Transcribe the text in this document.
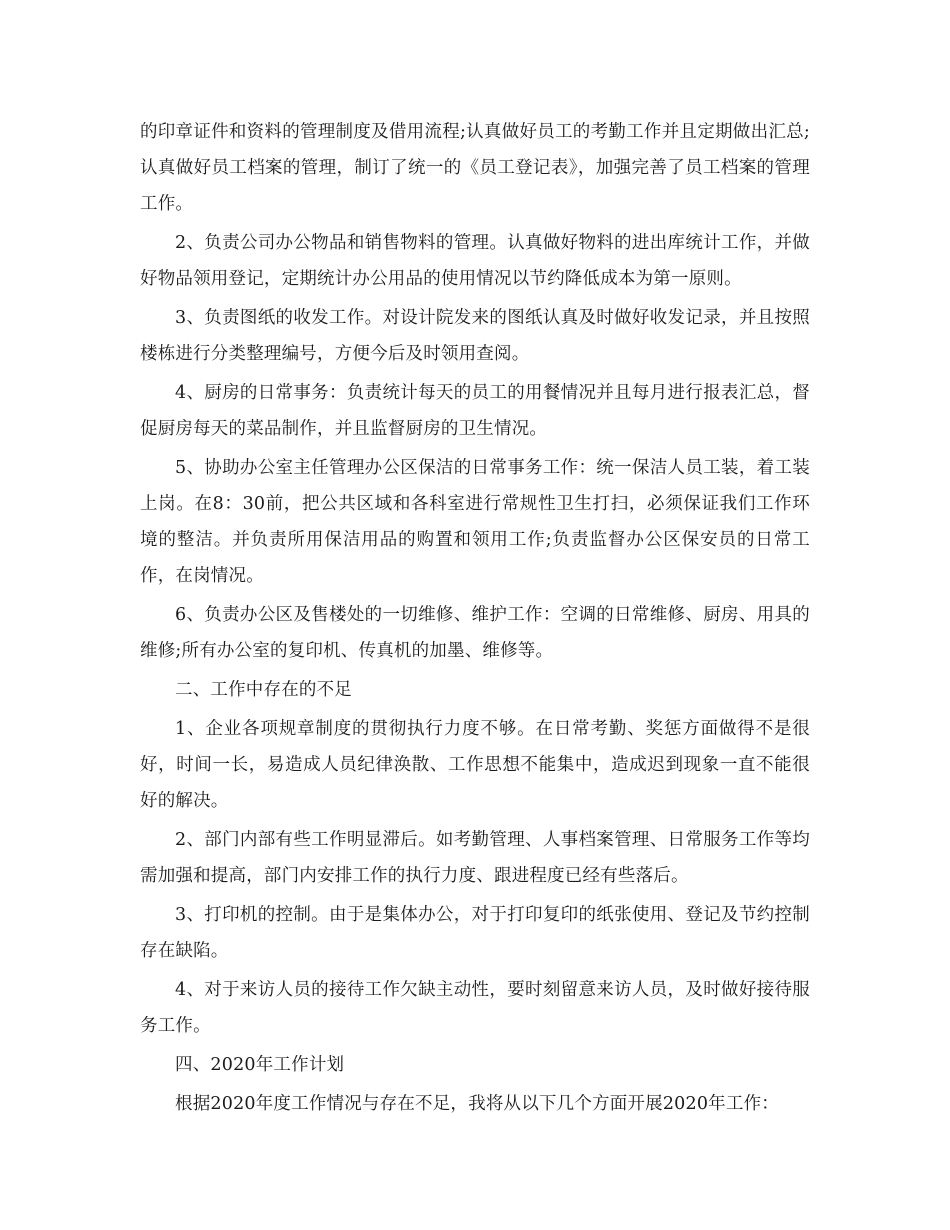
的印章证件和资料的管理制度及借用流程;认真做好员工的考勤工作并且定期做出汇总;认真做好员工档案的管理，制订了统一的《员工登记表》，加强完善了员工档案的管理工作。

2、负责公司办公物品和销售物料的管理。认真做好物料的进出库统计工作，并做好物品领用登记，定期统计办公用品的使用情况以节约降低成本为第一原则。

3、负责图纸的收发工作。对设计院发来的图纸认真及时做好收发记录，并且按照楼栋进行分类整理编号，方便今后及时领用查阅。

4、厨房的日常事务：负责统计每天的员工的用餐情况并且每月进行报表汇总，督促厨房每天的菜品制作，并且监督厨房的卫生情况。

5、协助办公室主任管理办公区保洁的日常事务工作：统一保洁人员工装，着工装上岗。在8：30前，把公共区域和各科室进行常规性卫生打扫，必须保证我们工作环境的整洁。并负责所用保洁用品的购置和领用工作;负责监督办公区保安员的日常工作，在岗情况。

6、负责办公区及售楼处的一切维修、维护工作：空调的日常维修、厨房、用具的维修;所有办公室的复印机、传真机的加墨、维修等。

二、工作中存在的不足

1、企业各项规章制度的贯彻执行力度不够。在日常考勤、奖惩方面做得不是很好，时间一长，易造成人员纪律涣散、工作思想不能集中，造成迟到现象一直不能很好的解决。

2、部门内部有些工作明显滞后。如考勤管理、人事档案管理、日常服务工作等均需加强和提高，部门内安排工作的执行力度、跟进程度已经有些落后。

3、打印机的控制。由于是集体办公，对于打印复印的纸张使用、登记及节约控制存在缺陷。

4、对于来访人员的接待工作欠缺主动性，要时刻留意来访人员，及时做好接待服务工作。

四、2020年工作计划

根据2020年度工作情况与存在不足，我将从以下几个方面开展2020年工作：
